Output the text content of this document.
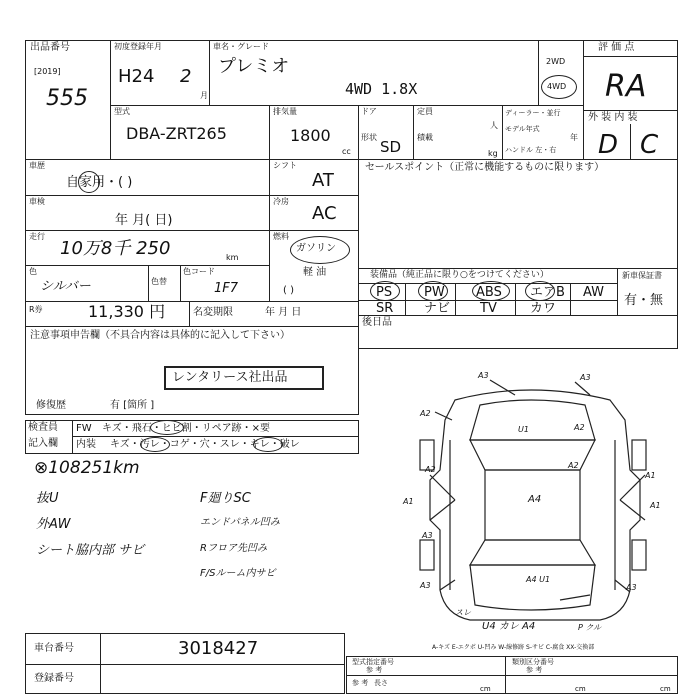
出品番号
[2019]
555
初度登録年月
H24 2
月
車名・グレード
プレミオ
4WD 1.8X
2WD
4WD
評 価 点
RA
外 装 内 装
D C
型式
DBA-ZRT265
排気量
1800
cc
ドア
形状
SD
定員
人
積載
kg
ディーラー・並行
モデル年式
年
ハンドル 左・右
車歴
自家用・( )
シフト
AT
車検
年 月( 日)
冷房
AC
走行
10万8千 250	km
燃料
ガソリン
軽 油
( )
色
シルバー	色替
色コード
1F7
R券	11,330 円	名変期限	年 月 日
セールスポイント（正常に機能するものに限ります）
装備品（純正品に限り○をつけてください）
PS PW ABS エアB AW
SR ナビ TV	カワ
新車保証書
有・無
後日品
注意事項申告欄（不具合内容は具体的に記入して下さい）
レンタリース社出品
修復歴	有 [箇所 ]
検査員
記入欄
FW キズ・飛石・ヒビ割・リペア跡・×要
内装 キズ・汚レ・コゲ・穴・スレ・キレ・破レ
⊗108251km
抜U
外AW
シート脇内部 サビ
F廻りSC
エンドパネル凹み
Rフロア先凹み
F/Sルーム内サビ
A3	A3
A2
U1	A2
A2	A2
A1	A4
A1
A1
A3
A3	A3
A4 U1
スレ
U4 カレ A4	P クル
A-キズ E-エクボ U-凹み W-線修跡 S-サビ C-腐食 XX-交換部
車台番号	3018427
登録番号
型式指定番号
参 考
類別区分番号
参 考
参 考 長さ
cm	cm	cm
